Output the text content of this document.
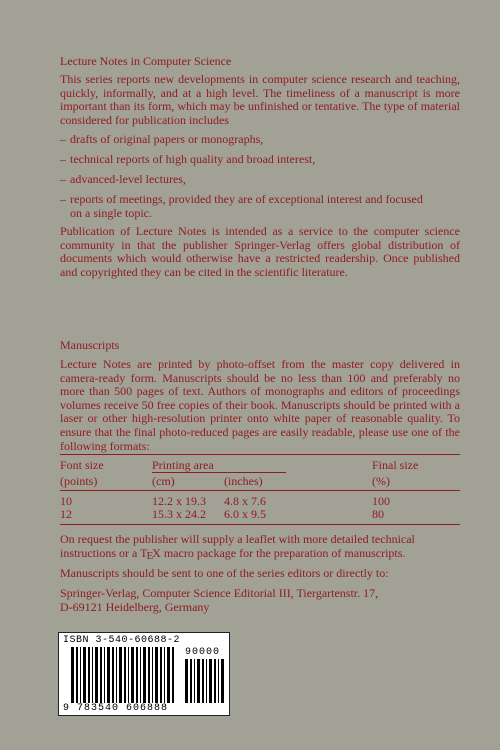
Lecture Notes in Computer Science

This series reports new developments in computer science research and teaching, quickly, informally, and at a high level. The timeliness of a manuscript is more important than its form, which may be unfinished or tentative. The type of material considered for publication includes

– drafts of original papers or monographs,
– technical reports of high quality and broad interest,
– advanced-level lectures,
– reports of meetings, provided they are of exceptional interest and focused
on a single topic.

Publication of Lecture Notes is intended as a service to the computer science community in that the publisher Springer-Verlag offers global distribution of documents which would otherwise have a restricted readership. Once published and copyrighted they can be cited in the scientific literature.

Manuscripts

Lecture Notes are printed by photo-offset from the master copy delivered in camera-ready form. Manuscripts should be no less than 100 and preferably no more than 500 pages of text. Authors of monographs and editors of proceedings volumes receive 50 free copies of their book. Manuscripts should be printed with a laser or other high-resolution printer onto white paper of reasonable quality. To ensure that the final photo-reduced pages are easily readable, please use one of the following formats:

Font size	Printing area	Final size
(points)	(cm)	(inches)	(%)
10	12.2 x 19.3 4.8 x 7.6	100
12	15.3 x 24.2 6.0 x 9.5	80
On request the publisher will supply a leaflet with more detailed technical
instructions or a TEX macro package for the preparation of manuscripts.
Manuscripts should be sent to one of the series editors or directly to:
Springer-Verlag, Computer Science Editorial III, Tiergartenstr. 17,
D-69121 Heidelberg, Germany
ISBN 3-540-60688-2
90000
9 783540 606888
